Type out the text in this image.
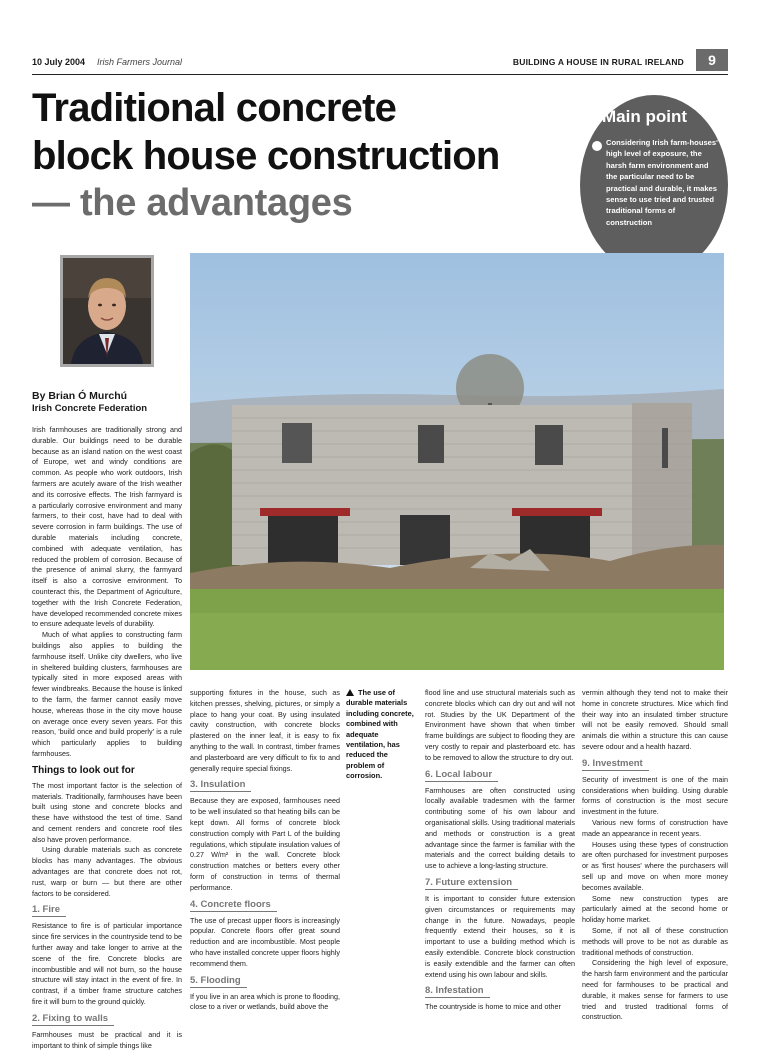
10 July 2004 Irish Farmers Journal	BUILDING A HOUSE IN RURAL IRELAND	9
Traditional concrete
block house construction
— the advantages
Main point
Considering Irish farm-houses' high level of exposure, the harsh farm environment and the particular need to be practical and durable, it makes sense to use tried and trusted traditional forms of construction
By Brian Ó Murchú
Irish Concrete Federation

Irish farmhouses are traditionally strong and durable. Our buildings need to be durable because as an island nation on the west coast of Europe, wet and windy conditions are common. As people who work outdoors, Irish farmers are acutely aware of the Irish weather and its corrosive effects. The Irish farmyard is a particularly corrosive environment and many farmers, to their cost, have had to deal with severe corrosion in farm buildings. The use of durable materials including concrete, combined with adequate ventilation, has reduced the problem of corrosion. Because of the presence of animal slurry, the farmyard itself is also a corrosive environment. To counteract this, the Department of Agriculture, together with the Irish Concrete Federation, have developed recommended concrete mixes to ensure adequate levels of durability.

Much of what applies to constructing farm buildings also applies to building the farmhouse itself. Unlike city dwellers, who live in sheltered building clusters, farmhouses are typically sited in more exposed areas with fewer windbreaks. Because the house is linked to the farm, the farmer cannot easily move house, whereas those in the city move house on average once every seven years. For this reason, 'build once and build properly' is a rule which particularly applies to building farmhouses.

Things to look out for

The most important factor is the selection of materials. Traditionally, farmhouses have been built using stone and concrete blocks and these have withstood the test of time. Sand and cement renders and concrete roof tiles also have proven performance.

Using durable materials such as concrete blocks has many advantages. The obvious advantages are that concrete does not rot, rust, warp or burn — but there are other factors to be considered.

1. Fire

Resistance to fire is of particular importance since fire services in the countryside tend to be further away and take longer to arrive at the scene of the fire. Concrete blocks are incombustible and will not burn, so the house structure will stay intact in the event of fire. In contrast, if a timber frame structure catches fire it will burn to the ground quickly.

2. Fixing to walls

Farmhouses must be practical and it is important to think of simple things like

supporting fixtures in the house, such as kitchen presses, shelving, pictures, or simply a place to hang your coat. By using insulated cavity construction, with concrete blocks plastered on the inner leaf, it is easy to fix anything to the wall. In contrast, timber frames and plasterboard are very difficult to fix to and generally require special fixings.

3. Insulation

Because they are exposed, farmhouses need to be well insulated so that heating bills can be kept down. All forms of concrete block construction comply with Part L of the building regulations, which stipulate insulation values of 0.27 W/m² in the wall. Concrete block construction matches or betters every other form of construction in terms of thermal performance.

4. Concrete floors

The use of precast upper floors is increasingly popular. Concrete floors offer great sound reduction and are incombustible. Most people who have installed concrete upper floors highly recommend them.

5. Flooding

If you live in an area which is prone to flooding, close to a river or wetlands, build above the

The use of durable materials including concrete, combined with adequate ventilation, has reduced the problem of corrosion.

flood line and use structural materials such as concrete blocks which can dry out and will not rot. Studies by the UK Department of the Environment have shown that when timber frame buildings are subject to flooding they are very costly to repair and plasterboard etc. has to be removed to allow the structure to dry out.

6. Local labour

Farmhouses are often constructed using locally available tradesmen with the farmer contributing some of his own labour and organisational skills. Using traditional materials and methods or construction is a great advantage since the farmer is familiar with the materials and the correct building details to use to achieve a long-lasting structure.

7. Future extension

It is important to consider future extension given circumstances or requirements may change in the future. Nowadays, people frequently extend their houses, so it is important to use a building method which is easily extendible. Concrete block construction is easily extendible and the farmer can often extend using his own labour and skills.

8. Infestation

The countryside is home to mice and other

vermin although they tend not to make their home in concrete structures. Mice which find their way into an insulated timber structure will not be easily removed. Should small animals die within a structure this can cause severe odour and a health hazard.

9. Investment

Security of investment is one of the main considerations when building. Using durable forms of construction is the most secure investment in the future.

Various new forms of construction have made an appearance in recent years.

Houses using these types of construction are often purchased for investment purposes or as 'first houses' where the purchasers will sell up and move on when more money becomes available.

Some new construction types are particularly aimed at the second home or holiday home market.

Some, if not all of these construction methods will prove to be not as durable as traditional methods of construction.

Considering the high level of exposure, the harsh farm environment and the particular need for farmhouses to be practical and durable, it makes sense for farmers to use tried and trusted traditional forms of construction.
